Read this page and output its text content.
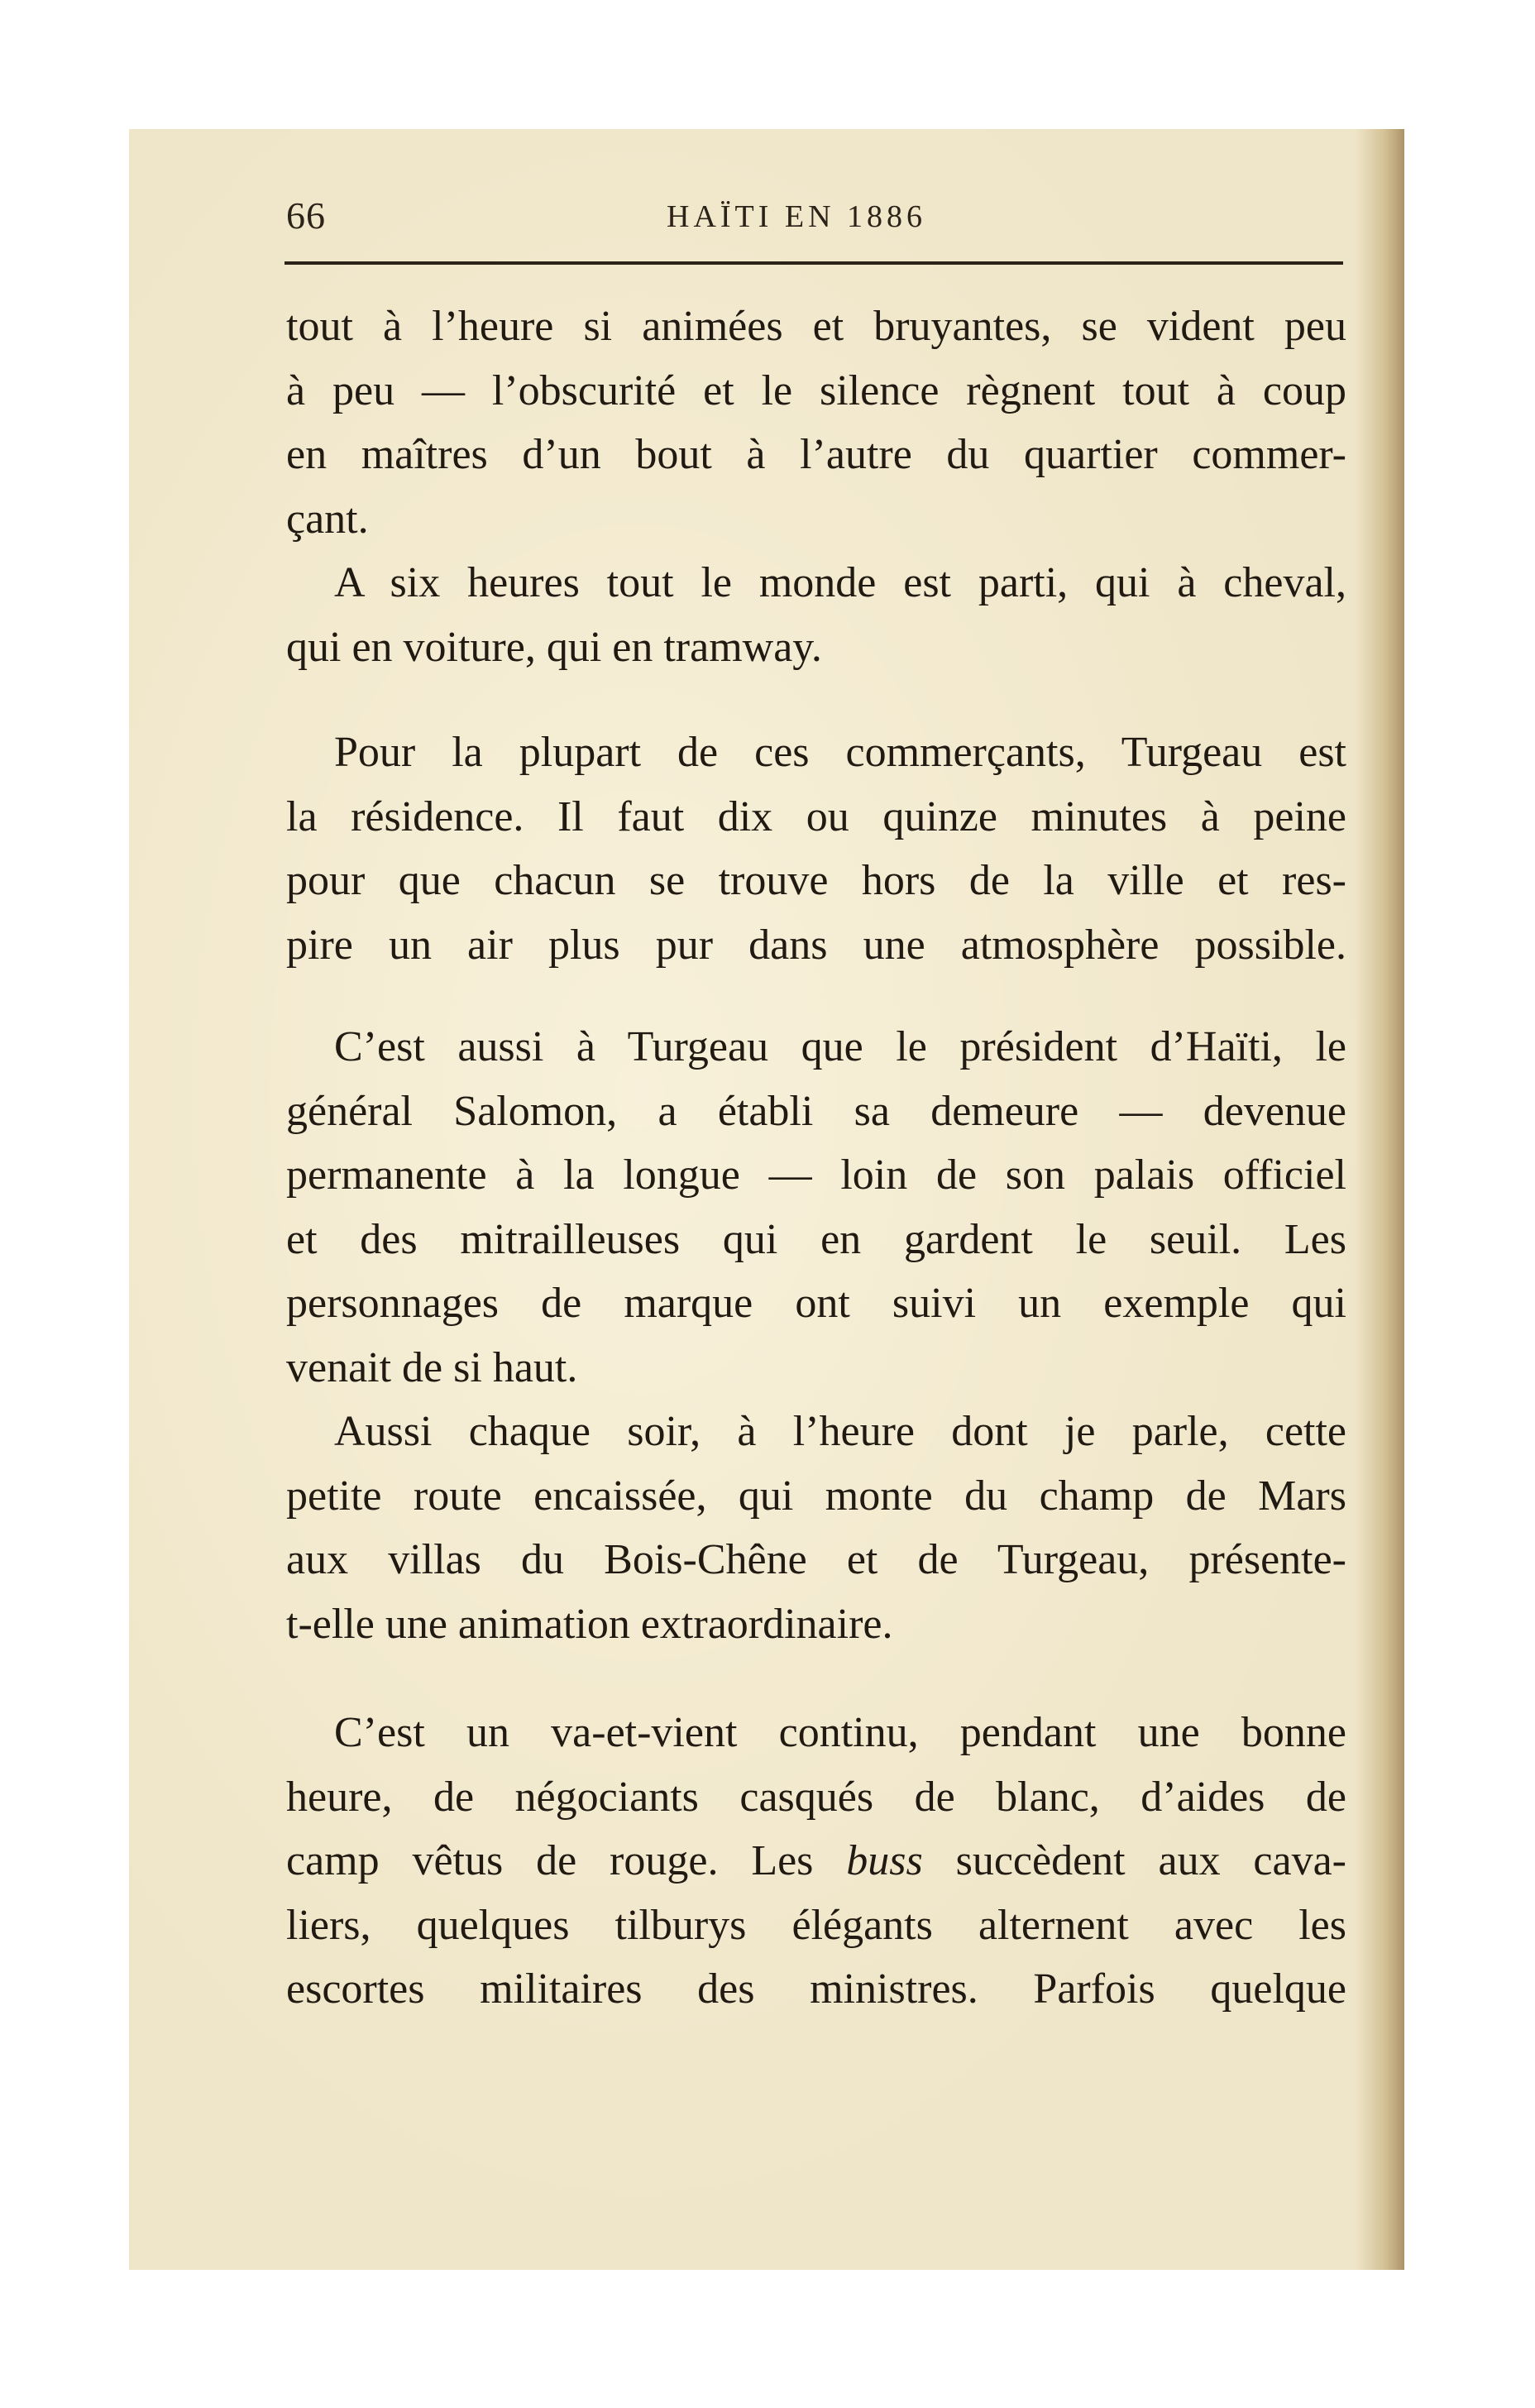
66	HAÏTI EN 1886
tout à l’heure si animées et bruyantes, se vident peu
à peu — l’obscurité et le silence règnent tout à coup
en maîtres d’un bout à l’autre du quartier commer-
çant.
A six heures tout le monde est parti, qui à cheval,
qui en voiture, qui en tramway.
Pour la plupart de ces commerçants, Turgeau est
la résidence. Il faut dix ou quinze minutes à peine
pour que chacun se trouve hors de la ville et res-
pire un air plus pur dans une atmosphère possible.
C’est aussi à Turgeau que le président d’Haïti, le
général Salomon, a établi sa demeure — devenue
permanente à la longue — loin de son palais officiel
et des mitrailleuses qui en gardent le seuil. Les
personnages de marque ont suivi un exemple qui
venait de si haut.
Aussi chaque soir, à l’heure dont je parle, cette
petite route encaissée, qui monte du champ de Mars
aux villas du Bois-Chêne et de Turgeau, présente-
t-elle une animation extraordinaire.
C’est un va-et-vient continu, pendant une bonne
heure, de négociants casqués de blanc, d’aides de
camp vêtus de rouge. Les buss succèdent aux cava-
liers, quelques tilburys élégants alternent avec les
escortes militaires des ministres. Parfois quelque
